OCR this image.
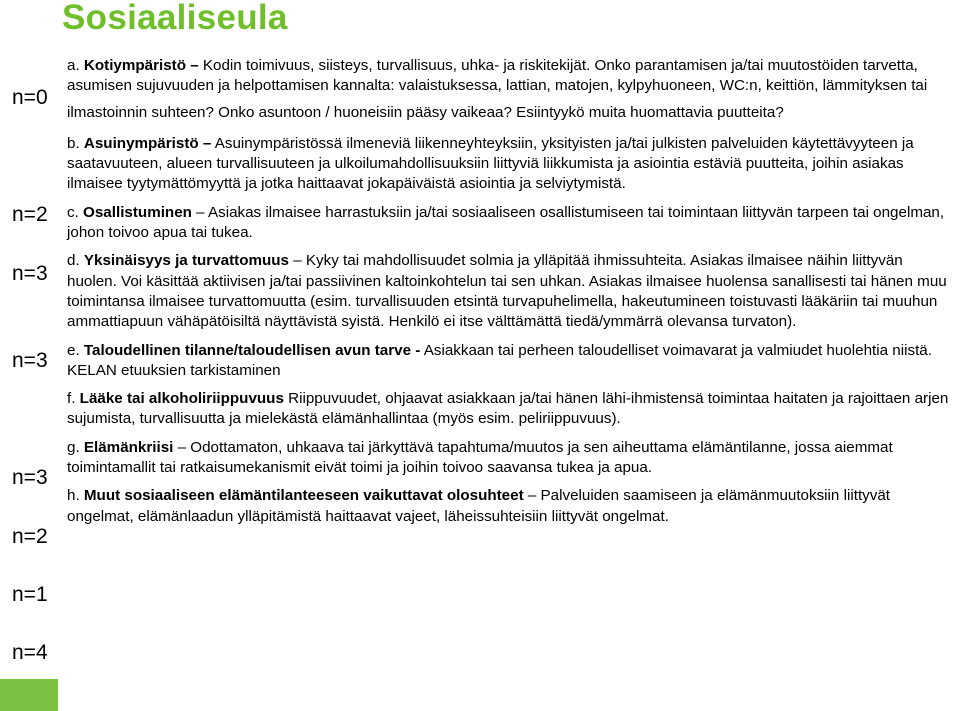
Sosiaaliseula
n=0
n=2
n=3
n=3
n=3
n=2
n=1
n=4

a. Kotiympäristö – Kodin toimivuus, siisteys, turvallisuus, uhka- ja riskitekijät. Onko parantamisen ja/tai muutostöiden tarvetta, asumisen sujuvuuden ja helpottamisen kannalta: valaistuksessa, lattian, matojen, kylpyhuoneen, WC:n, keittiön, lämmityksen tai

ilmastoinnin suhteen? Onko asuntoon / huoneisiin pääsy vaikeaa? Esiintyykö muita huomattavia puutteita?

b. Asuinympäristö – Asuinympäristössä ilmeneviä liikenneyhteyksiin, yksityisten ja/tai julkisten palveluiden käytettävyyteen ja saatavuuteen, alueen turvallisuuteen ja ulkoilumahdollisuuksiin liittyviä liikkumista ja asiointia estäviä puutteita, joihin asiakas ilmaisee tyytymättömyyttä ja jotka haittaavat jokapäiväistä asiointia ja selviytymistä.

c. Osallistuminen – Asiakas ilmaisee harrastuksiin ja/tai sosiaaliseen osallistumiseen tai toimintaan liittyvän tarpeen tai ongelman, johon toivoo apua tai tukea.

d. Yksinäisyys ja turvattomuus – Kyky tai mahdollisuudet solmia ja ylläpitää ihmissuhteita. Asiakas ilmaisee näihin liittyvän huolen. Voi käsittää aktiivisen ja/tai passiivinen kaltoinkohtelun tai sen uhkan. Asiakas ilmaisee huolensa sanallisesti tai hänen muu toimintansa ilmaisee turvattomuutta (esim. turvallisuuden etsintä turvapuhelimella, hakeutumineen toistuvasti lääkäriin tai muuhun ammattiapuun vähäpätöisiltä näyttävistä syistä. Henkilö ei itse välttämättä tiedä/ymmärrä olevansa turvaton).

e. Taloudellinen tilanne/taloudellisen avun tarve - Asiakkaan tai perheen taloudelliset voimavarat ja valmiudet huolehtia niistä. KELAN etuuksien tarkistaminen

f. Lääke tai alkoholiriippuvuus Riippuvuudet, ohjaavat asiakkaan ja/tai hänen lähi-ihmistensä toimintaa haitaten ja rajoittaen arjen sujumista, turvallisuutta ja mielekästä elämänhallintaa (myös esim. peliriippuvuus).

g. Elämänkriisi – Odottamaton, uhkaava tai järkyttävä tapahtuma/muutos ja sen aiheuttama elämäntilanne, jossa aiemmat toimintamallit tai ratkaisumekanismit eivät toimi ja joihin toivoo saavansa tukea ja apua.

h. Muut sosiaaliseen elämäntilanteeseen vaikuttavat olosuhteet – Palveluiden saamiseen ja elämänmuutoksiin liittyvät ongelmat, elämänlaadun ylläpitämistä haittaavat vajeet, läheissuhteisiin liittyvät ongelmat.
